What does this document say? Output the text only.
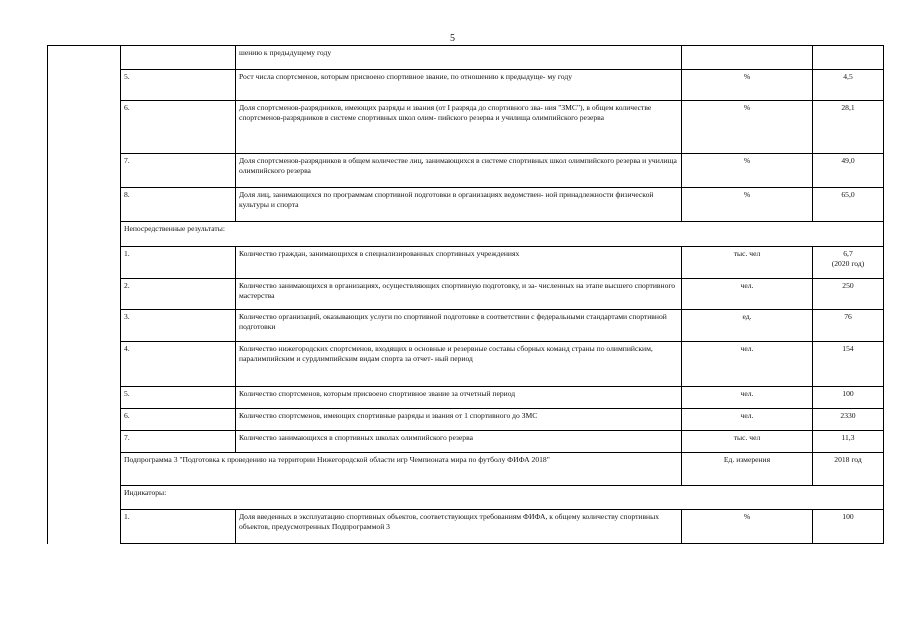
5
		шению к предыдущему году		
	5.	Рост числа спортсменов, которым присвоено спортивное звание, по отношению к предыдуще- му году	%	4,5
	6.	Доля спортсменов-разрядников, имеющих разряды и звания (от I разряда до спортивного зва- ния "ЗМС"), в общем количестве спортсменов-разрядников в системе спортивных школ олим- пийского резерва и училища олимпийского резерва	%	28,1
	7.	Доля спортсменов-разрядников в общем количестве лиц, занимающихся в системе спортивных школ олимпийского резерва и училища олимпийского резерва	%	49,0
	8.	Доля лиц, занимающихся по программам спортивной подготовки в организациях ведомствен- ной принадлежности физической культуры и спорта	%	65,0
	Непосредственные результаты:			
	1.	Количество граждан, занимающихся в специализированных спортивных учреждениях	тыс. чел	6,7
(2020 год)

	2.	Количество занимающихся в организациях, осуществляющих спортивную подготовку, и за- численных на этапе высшего спортивного мастерства	чел.	250
	3.	Количество организаций, оказывающих услуги по спортивной подготовке в соответствии с федеральными стандартами спортивной подготовки	ед.	76
	4.	Количество нижегородских спортсменов, входящих в основные и резервные составы сборных команд страны по олимпийским, паралимпийским и сурдлимпийским видам спорта за отчет- ный период	чел.	154
	5.	Количество спортсменов, которым присвоено спортивное звание за отчетный период	чел.	100
	6.	Количество спортсменов, имеющих спортивные разряды и звания от 1 спортивного до ЗМС	чел.	2330
	7.	Количество занимающихся в спортивных школах олимпийского резерва	тыс. чел	11,3
	Подпрограмма 3 "Подготовка к проведению на территории Нижегородской области игр Чемпионата мира по футболу ФИФА 2018"		Ед. измерения	2018 год
	Индикаторы:			
	1.	Доля введенных в эксплуатацию спортивных объектов, соответствующих требованиям ФИФА, к общему количеству спортивных объектов, предусмотренных Подпрограммой 3	%	100
